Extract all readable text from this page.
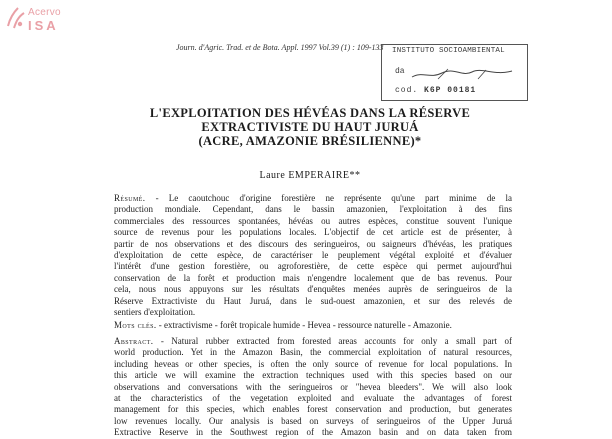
Acervo
ISA
Journ. d'Agric. Trad. et de Bota. Appl. 1997 Vol.39 (1) : 109-133 INSTITUTO SOCIOAMBIENTAL
da
cod. K6P 00181
L'EXPLOITATION DES HÉVÉAS DANS LA RÉSERVE
EXTRACTIVISTE DU HAUT JURUÁ
(ACRE, AMAZONIE BRÉSILIENNE)*
Laure EMPERAIRE**
Résumé. - Le caoutchouc d'origine forestière ne représente qu'une part minime de la
production mondiale. Cependant, dans le bassin amazonien, l'exploitation à des fins
commerciales des ressources spontanées, hévéas ou autres espèces, constitue souvent l'unique
source de revenus pour les populations locales. L'objectif de cet article est de présenter, à
partir de nos observations et des discours des seringueiros, ou saigneurs d'hévéas, les pratiques
d'exploitation de cette espèce, de caractériser le peuplement végétal exploité et d'évaluer
l'intérêt d'une gestion forestière, ou agroforestière, de cette espèce qui permet aujourd'hui
conservation de la forêt et production mais n'engendre localement que de bas revenus. Pour
cela, nous nous appuyons sur les résultats d'enquêtes menées auprès de seringueiros de la
Réserve Extractiviste du Haut Juruá, dans le sud-ouest amazonien, et sur des relevés de
sentiers d'exploitation.
Mots clés. - extractivisme - forêt tropicale humide - Hevea - ressource naturelle - Amazonie.
Abstract. - Natural rubber extracted from forested areas accounts for only a small part of
world production. Yet in the Amazon Basin, the commercial exploitation of natural resources,
including heveas or other species, is often the only source of revenue for local populations. In
this article we will examine the extraction techniques used with this species based on our
observations and conversations with the seringueiros or "hevea bleeders". We will also look
at the characteristics of the vegetation exploited and evaluate the advantages of forest
management for this species, which enables forest conservation and production, but generates
low revenues locally. Our analysis is based on surveys of seringueiros of the Upper Juruá
Extractive Reserve in the Southwest region of the Amazon basin and on data taken from
